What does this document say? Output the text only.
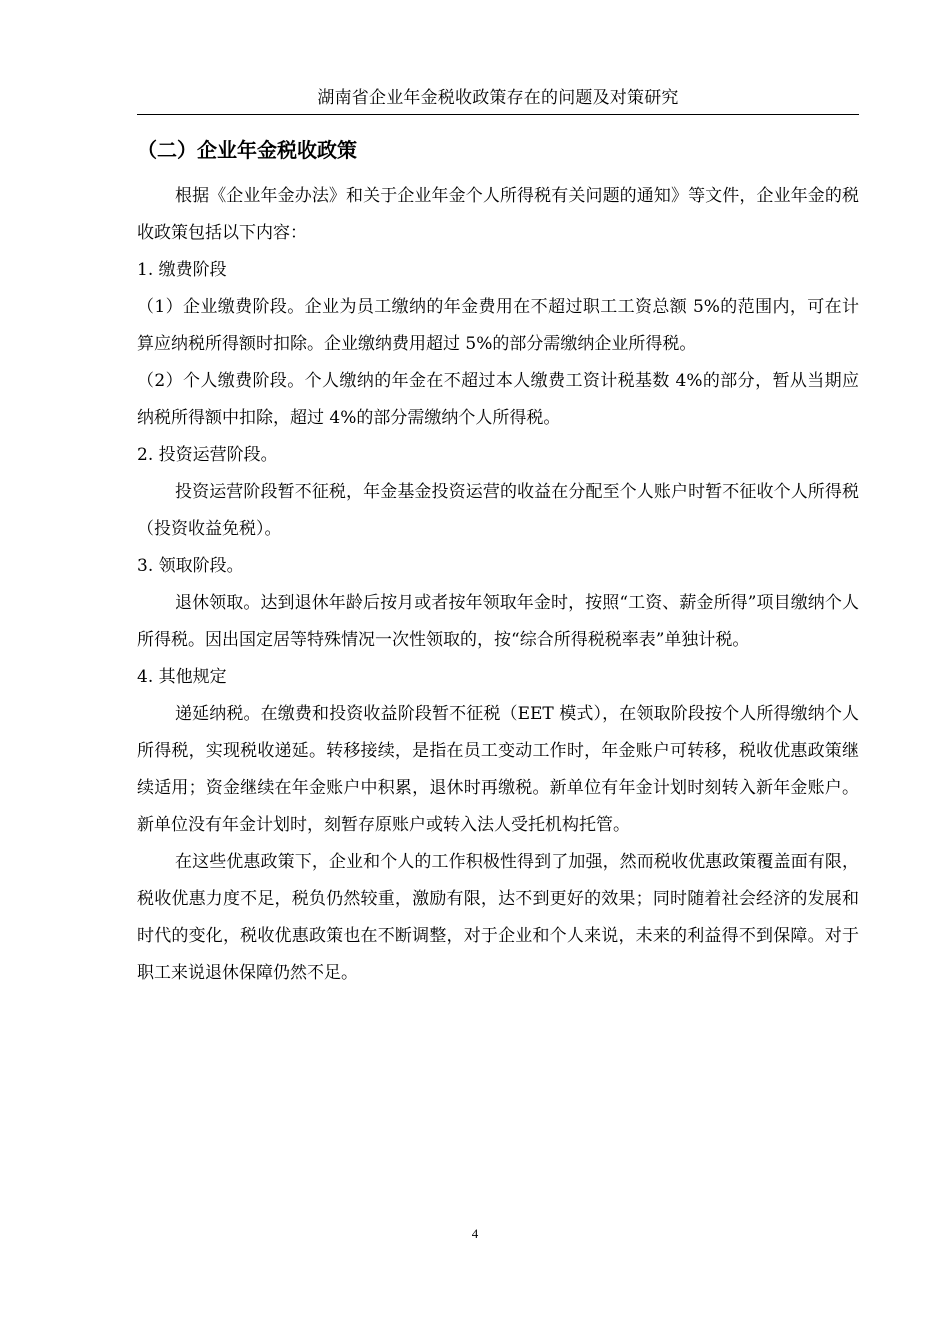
湖南省企业年金税收政策存在的问题及对策研究
（二）企业年金税收政策

根据《企业年金办法》和关于企业年金个人所得税有关问题的通知》等文件，企业年金的税收政策包括以下内容：

1. 缴费阶段

（1）企业缴费阶段。企业为员工缴纳的年金费用在不超过职工工资总额 5%的范围内，可在计算应纳税所得额时扣除。企业缴纳费用超过 5%的部分需缴纳企业所得税。

（2）个人缴费阶段。个人缴纳的年金在不超过本人缴费工资计税基数 4%的部分，暂从当期应纳税所得额中扣除，超过 4%的部分需缴纳个人所得税。

2. 投资运营阶段。

投资运营阶段暂不征税，年金基金投资运营的收益在分配至个人账户时暂不征收个人所得税（投资收益免税）。

3. 领取阶段。

退休领取。达到退休年龄后按月或者按年领取年金时，按照“工资、薪金所得”项目缴纳个人所得税。因出国定居等特殊情况一次性领取的，按“综合所得税税率表”单独计税。

4. 其他规定

递延纳税。在缴费和投资收益阶段暂不征税（EET 模式），在领取阶段按个人所得缴纳个人所得税，实现税收递延。转移接续，是指在员工变动工作时，年金账户可转移，税收优惠政策继续适用；资金继续在年金账户中积累，退休时再缴税。新单位有年金计划时刻转入新年金账户。新单位没有年金计划时，刻暂存原账户或转入法人受托机构托管。

在这些优惠政策下，企业和个人的工作积极性得到了加强，然而税收优惠政策覆盖面有限，税收优惠力度不足，税负仍然较重，激励有限，达不到更好的效果；同时随着社会经济的发展和时代的变化，税收优惠政策也在不断调整，对于企业和个人来说，未来的利益得不到保障。对于职工来说退休保障仍然不足。

4
